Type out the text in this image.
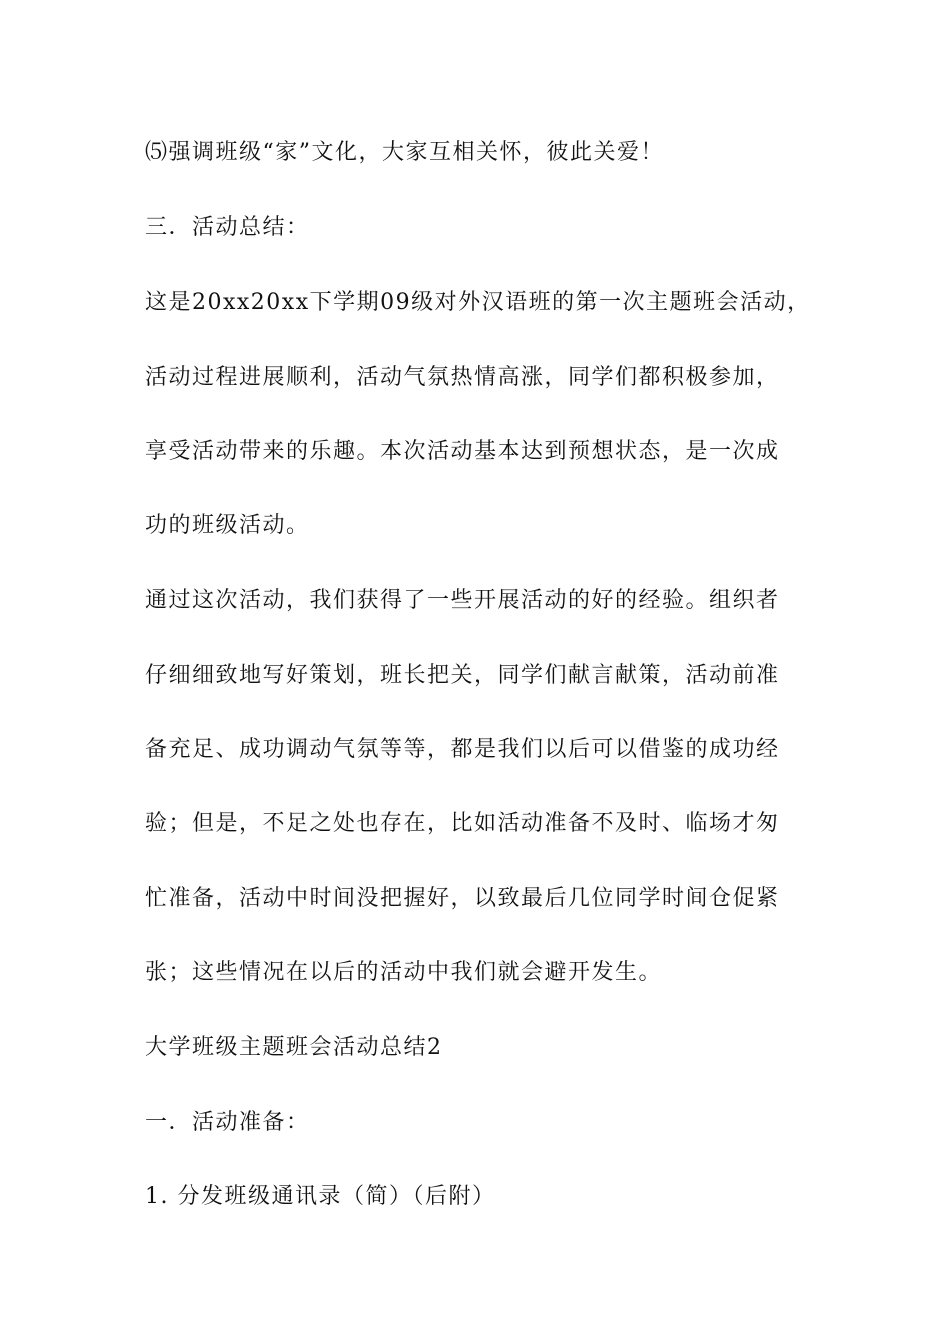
⑸强调班级“家”文化，大家互相关怀，彼此关爱！
三．活动总结：
这是20xx20xx下学期09级对外汉语班的第一次主题班会活动，
活动过程进展顺利，活动气氛热情高涨，同学们都积极参加，
享受活动带来的乐趣。本次活动基本达到预想状态，是一次成
功的班级活动。
通过这次活动，我们获得了一些开展活动的好的经验。组织者
仔细细致地写好策划，班长把关，同学们献言献策，活动前准
备充足、成功调动气氛等等，都是我们以后可以借鉴的成功经
验；但是，不足之处也存在，比如活动准备不及时、临场才匆
忙准备，活动中时间没把握好，以致最后几位同学时间仓促紧
张；这些情况在以后的活动中我们就会避开发生。
大学班级主题班会活动总结2
一．活动准备：
1. 分发班级通讯录（简）（后附）
